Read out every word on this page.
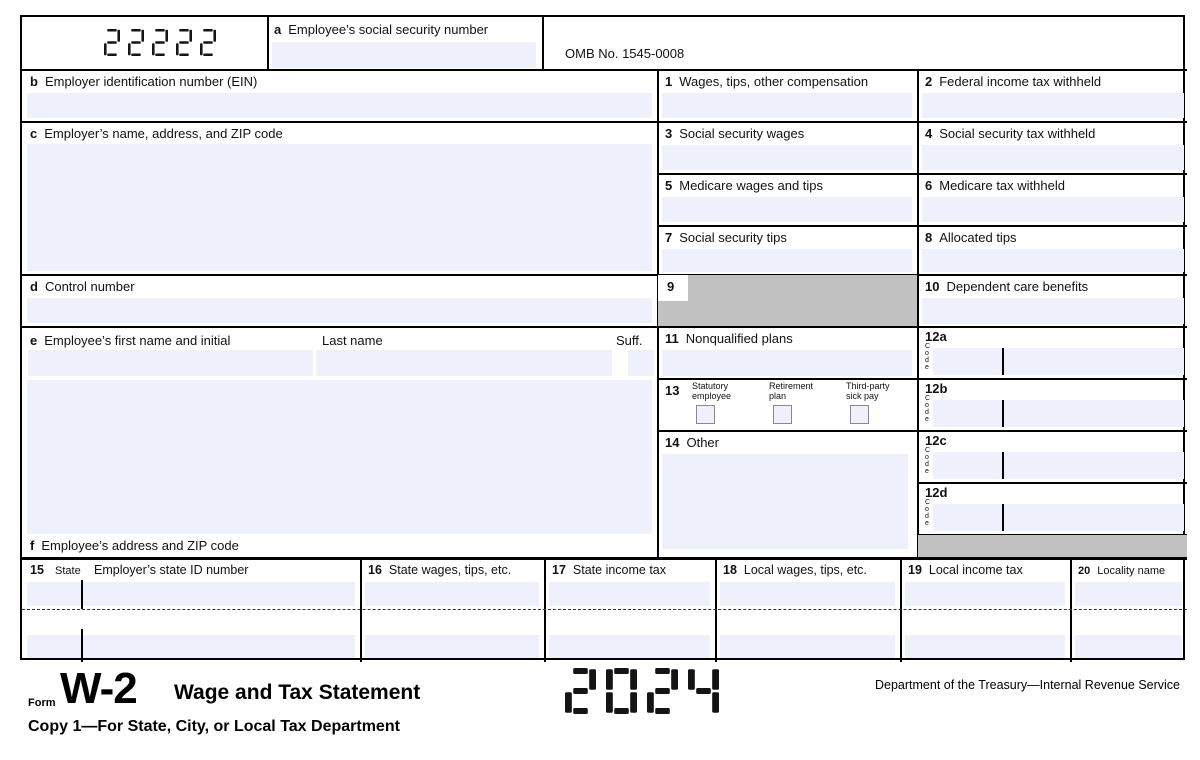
a Employee’s social security number
OMB No. 1545-0008
b Employer identification number (EIN)
c Employer’s name, address, and ZIP code
d Control number
e Employee’s first name and initial	Last name	Suff.
f Employee’s address and ZIP code
1 Wages, tips, other compensation
3 Social security wages
5 Medicare wages and tips
7 Social security tips
9
11 Nonqualified plans
13	Statutory
employee
Retirement
plan
Third-party
sick pay
14 Other
2 Federal income tax withheld
4 Social security tax withheld
6 Medicare tax withheld
8 Allocated tips
10 Dependent care benefits
12a
Code
12b
Code
12c
Code
12d
Code
15	State Employer’s state ID number	16 State wages, tips, etc.	17 State income tax	18 Local wages, tips, etc.	19 Local income tax	20 Locality name
Form W-2 Wage and Tax Statement	Department of the Treasury—Internal Revenue Service
Copy 1—For State, City, or Local Tax Department
